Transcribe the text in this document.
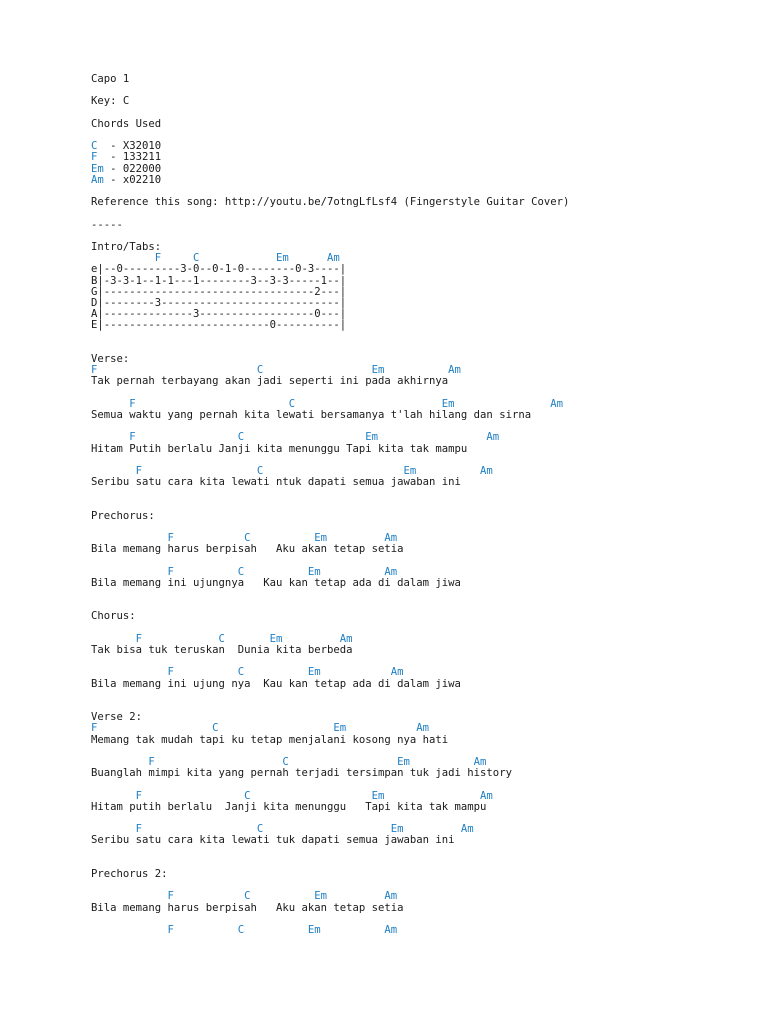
Capo 1
Key: C
Chords Used
C  - X32010
F  - 133211
Em - 022000
Am - x02210
Reference this song: http://youtu.be/7otngLfLsf4 (Fingerstyle Guitar Cover)
-----
Intro/Tabs:
F     C            Em      Am
e|--0---------3-0--0-1-0--------0-3----|
B|-3-3-1--1-1---1--------3--3-3-----1--|
G|---------------------------------2---|
D|--------3----------------------------|
A|--------------3------------------0---|
E|--------------------------0----------|
Verse:
F                         C                 Em          Am
Tak pernah terbayang akan jadi seperti ini pada akhirnya
F                        C                       Em               Am
Semua waktu yang pernah kita lewati bersamanya t'lah hilang dan sirna
F                C                   Em                 Am
Hitam Putih berlalu Janji kita menunggu Tapi kita tak mampu
F                  C                      Em          Am
Seribu satu cara kita lewati ntuk dapati semua jawaban ini
Prechorus:
F           C          Em         Am
Bila memang harus berpisah   Aku akan tetap setia
F          C          Em          Am
Bila memang ini ujungnya   Kau kan tetap ada di dalam jiwa
Chorus:
F            C       Em         Am
Tak bisa tuk teruskan  Dunia kita berbeda
F          C          Em           Am
Bila memang ini ujung nya  Kau kan tetap ada di dalam jiwa
Verse 2:
F                  C                  Em           Am
Memang tak mudah tapi ku tetap menjalani kosong nya hati
F                    C                 Em          Am
Buanglah mimpi kita yang pernah terjadi tersimpan tuk jadi history
F                C                   Em               Am
Hitam putih berlalu  Janji kita menunggu   Tapi kita tak mampu
F                  C                    Em         Am
Seribu satu cara kita lewati tuk dapati semua jawaban ini
Prechorus 2:
F           C          Em         Am
Bila memang harus berpisah   Aku akan tetap setia
F          C          Em          Am
